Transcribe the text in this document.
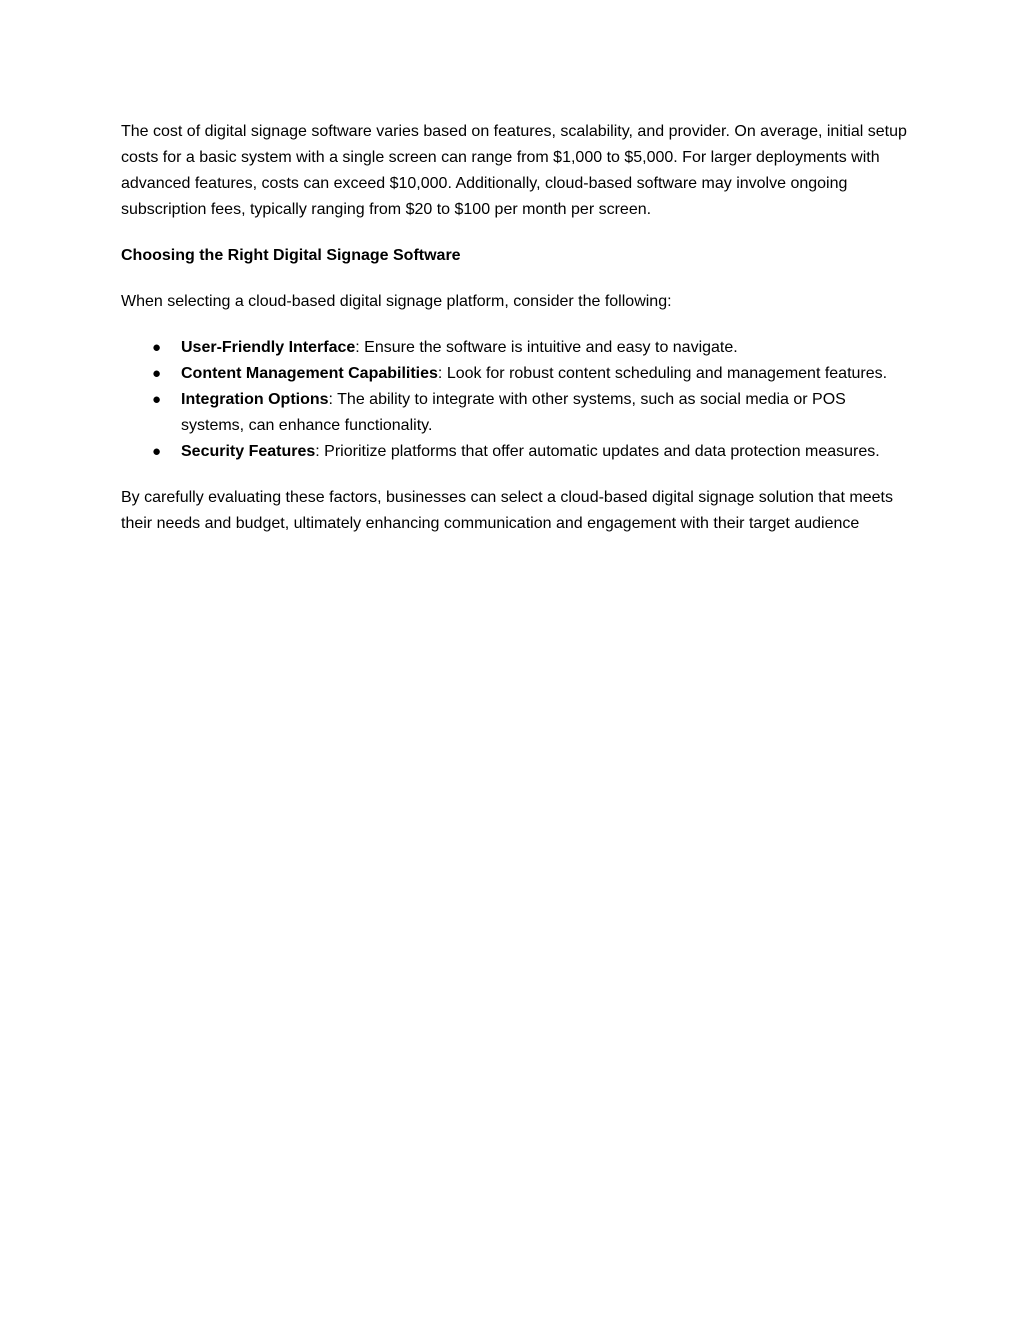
The cost of digital signage software varies based on features, scalability, and provider. On average, initial setup costs for a basic system with a single screen can range from $1,000 to $5,000. For larger deployments with advanced features, costs can exceed $10,000. Additionally, cloud-based software may involve ongoing subscription fees, typically ranging from $20 to $100 per month per screen.

Choosing the Right Digital Signage Software

When selecting a cloud-based digital signage platform, consider the following:

● User-Friendly Interface: Ensure the software is intuitive and easy to navigate.
● Content Management Capabilities: Look for robust content scheduling and management features.
● Integration Options: The ability to integrate with other systems, such as social media or POS systems, can enhance functionality.
● Security Features: Prioritize platforms that offer automatic updates and data protection measures.

By carefully evaluating these factors, businesses can select a cloud-based digital signage solution that meets their needs and budget, ultimately enhancing communication and engagement with their target audience
